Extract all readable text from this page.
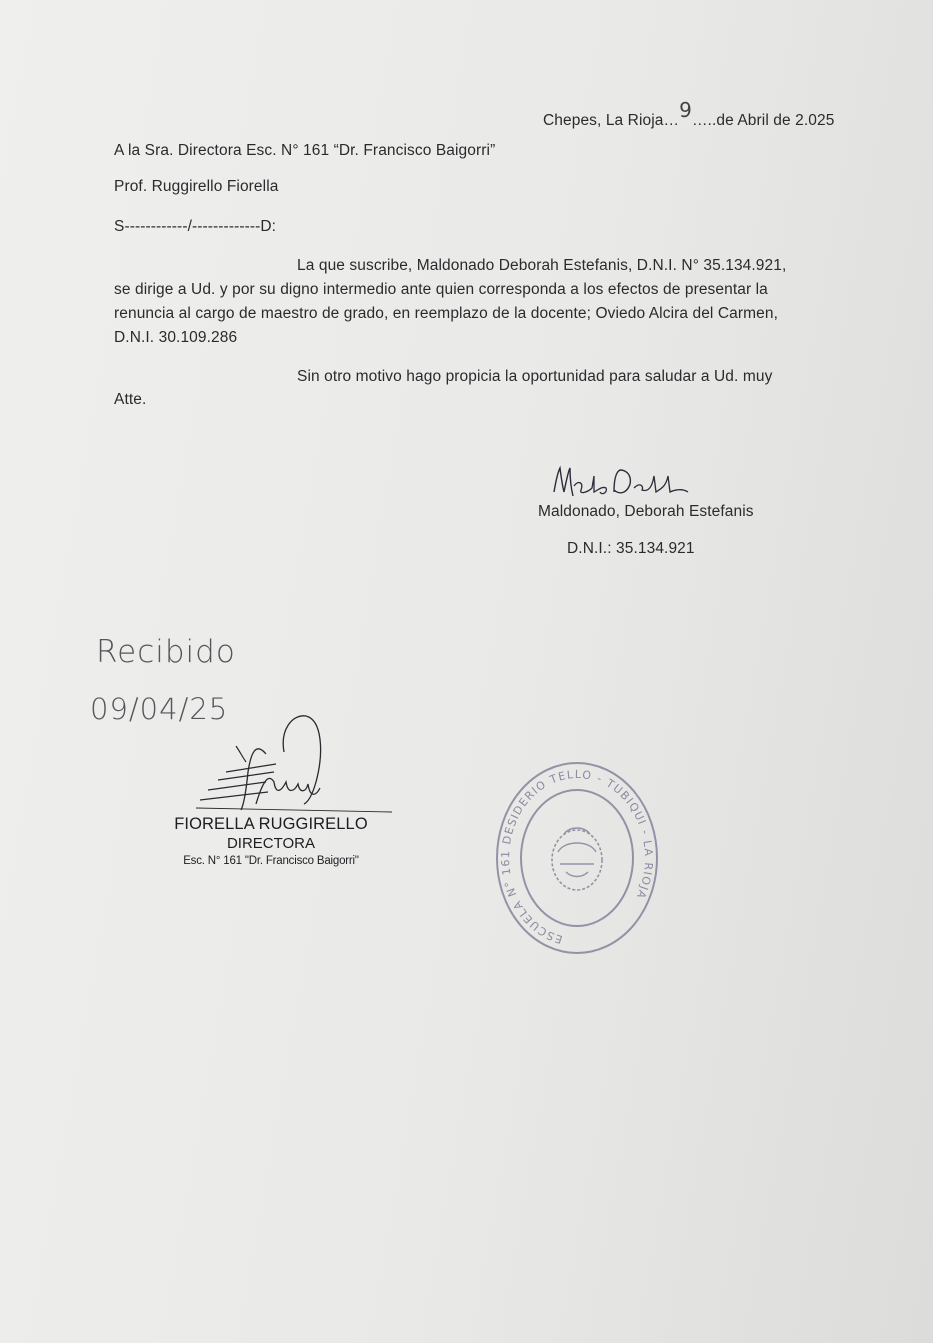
Chepes, La Rioja…9…..de Abril de 2.025
A la Sra. Directora Esc. N° 161 “Dr. Francisco Baigorri”
Prof. Ruggirello Fiorella
S------------/-------------D:
La que suscribe, Maldonado Deborah Estefanis, D.N.I. N° 35.134.921,
se dirige a Ud. y por su digno intermedio ante quien corresponda a los efectos de presentar la
renuncia al cargo de maestro de grado, en reemplazo de la docente; Oviedo Alcira del Carmen,
D.N.I. 30.109.286
Sin otro motivo hago propicia la oportunidad para saludar a Ud. muy
Atte.
Maldonado, Deborah Estefanis
D.N.I.: 35.134.921
Recibido
09/04/25
FIORELLA RUGGIRELLO
DIRECTORA
Esc. N° 161 "Dr. Francisco Baigorri"
ESCUELA N° 161 DESIDERIO TELLO - TUBIQUI - LA RIOJA
